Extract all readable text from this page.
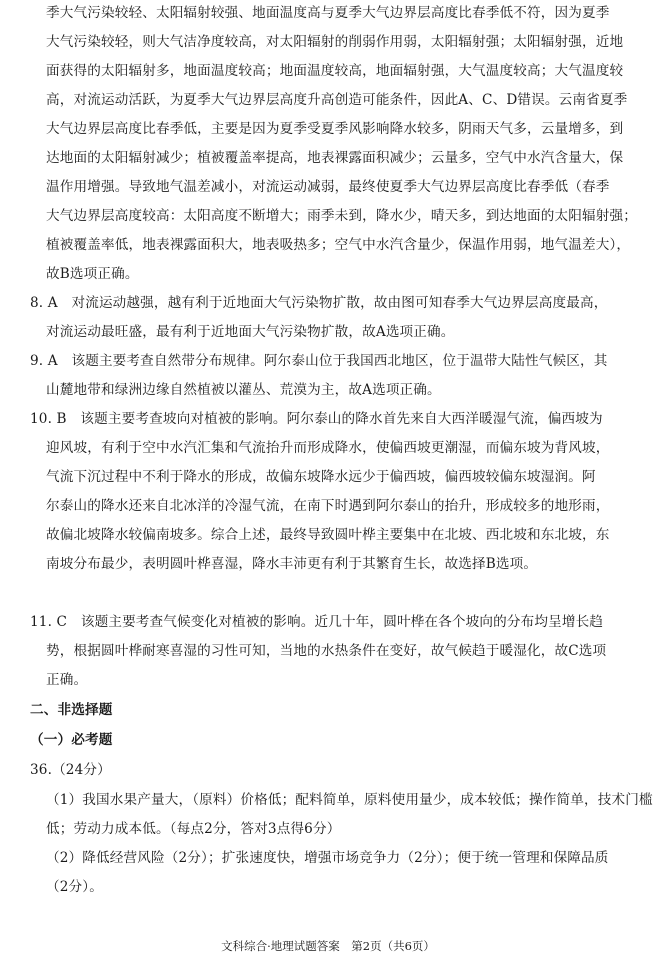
季大气污染较轻、太阳辐射较强、地面温度高与夏季大气边界层高度比春季低不符，因为夏季
大气污染较轻，则大气洁净度较高，对太阳辐射的削弱作用弱，太阳辐射强；太阳辐射强，近地
面获得的太阳辐射多，地面温度较高；地面温度较高，地面辐射强，大气温度较高；大气温度较
高，对流运动活跃，为夏季大气边界层高度升高创造可能条件，因此A、C、D错误。云南省夏季
大气边界层高度比春季低，主要是因为夏季受夏季风影响降水较多，阴雨天气多，云量增多，到
达地面的太阳辐射减少；植被覆盖率提高，地表裸露面积减少；云量多，空气中水汽含量大，保
温作用增强。导致地气温差减小，对流运动减弱，最终使夏季大气边界层高度比春季低（春季
大气边界层高度较高：太阳高度不断增大；雨季未到，降水少，晴天多，到达地面的太阳辐射强；
植被覆盖率低，地表裸露面积大，地表吸热多；空气中水汽含量少，保温作用弱，地气温差大），
故B选项正确。
8. A　对流运动越强，越有利于近地面大气污染物扩散，故由图可知春季大气边界层高度最高，
对流运动最旺盛，最有利于近地面大气污染物扩散，故A选项正确。
9. A　该题主要考查自然带分布规律。阿尔泰山位于我国西北地区，位于温带大陆性气候区，其
山麓地带和绿洲边缘自然植被以灌丛、荒漠为主，故A选项正确。
10. B　该题主要考查坡向对植被的影响。阿尔泰山的降水首先来自大西洋暖湿气流，偏西坡为
迎风坡，有利于空中水汽汇集和气流抬升而形成降水，使偏西坡更潮湿，而偏东坡为背风坡，
气流下沉过程中不利于降水的形成，故偏东坡降水远少于偏西坡，偏西坡较偏东坡湿润。阿
尔泰山的降水还来自北冰洋的冷湿气流，在南下时遇到阿尔泰山的抬升，形成较多的地形雨，
故偏北坡降水较偏南坡多。综合上述，最终导致圆叶桦主要集中在北坡、西北坡和东北坡，东
南坡分布最少，表明圆叶桦喜湿，降水丰沛更有利于其繁育生长，故选择B选项。
11. C　该题主要考查气候变化对植被的影响。近几十年，圆叶桦在各个坡向的分布均呈增长趋
势，根据圆叶桦耐寒喜湿的习性可知，当地的水热条件在变好，故气候趋于暖湿化，故C选项
正确。
二、非选择题
（一）必考题
36.（24分）
（1）我国水果产量大，（原料）价格低；配料简单，原料使用量少，成本较低；操作简单，技术门槛
低；劳动力成本低。（每点2分，答对3点得6分）
（2）降低经营风险（2分）；扩张速度快，增强市场竞争力（2分）；便于统一管理和保障品质
（2分）。
文科综合·地理试题答案　第2页（共6页）
